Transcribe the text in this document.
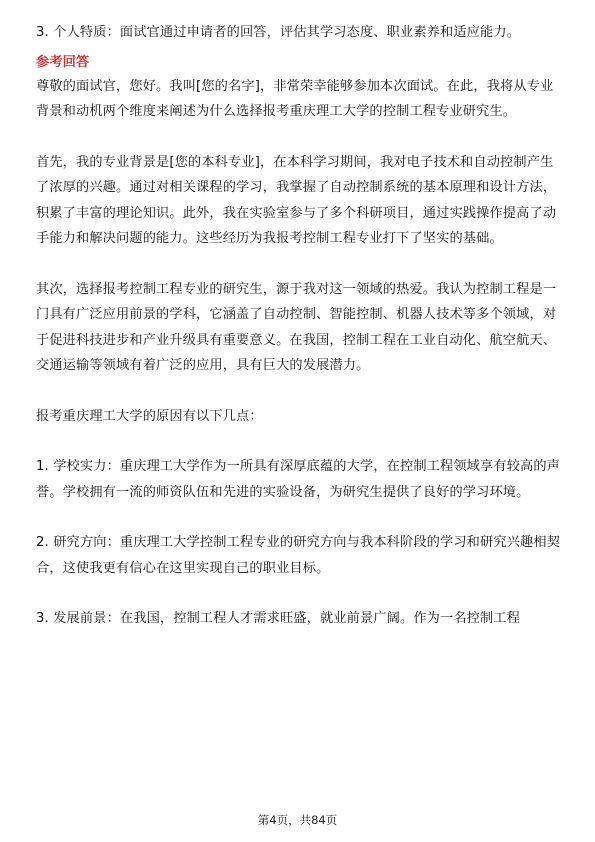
3. 个人特质：面试官通过申请者的回答，评估其学习态度、职业素养和适应能力。

参考回答

尊敬的面试官，您好。我叫[您的名字]，非常荣幸能够参加本次面试。在此，我将从专业背景和动机两个维度来阐述为什么选择报考重庆理工大学的控制工程专业研究生。

首先，我的专业背景是[您的本科专业]，在本科学习期间，我对电子技术和自动控制产生了浓厚的兴趣。通过对相关课程的学习，我掌握了自动控制系统的基本原理和设计方法，积累了丰富的理论知识。此外，我在实验室参与了多个科研项目，通过实践操作提高了动手能力和解决问题的能力。这些经历为我报考控制工程专业打下了坚实的基础。

其次，选择报考控制工程专业的研究生，源于我对这一领域的热爱。我认为控制工程是一门具有广泛应用前景的学科，它涵盖了自动控制、智能控制、机器人技术等多个领域，对于促进科技进步和产业升级具有重要意义。在我国，控制工程在工业自动化、航空航天、交通运输等领域有着广泛的应用，具有巨大的发展潜力。

报考重庆理工大学的原因有以下几点：

1. 学校实力：重庆理工大学作为一所具有深厚底蕴的大学，在控制工程领域享有较高的声誉。学校拥有一流的师资队伍和先进的实验设备，为研究生提供了良好的学习环境。

2. 研究方向：重庆理工大学控制工程专业的研究方向与我本科阶段的学习和研究兴趣相契合，这使我更有信心在这里实现自己的职业目标。

3. 发展前景：在我国，控制工程人才需求旺盛，就业前景广阔。作为一名控制工程

第4页，共84页
